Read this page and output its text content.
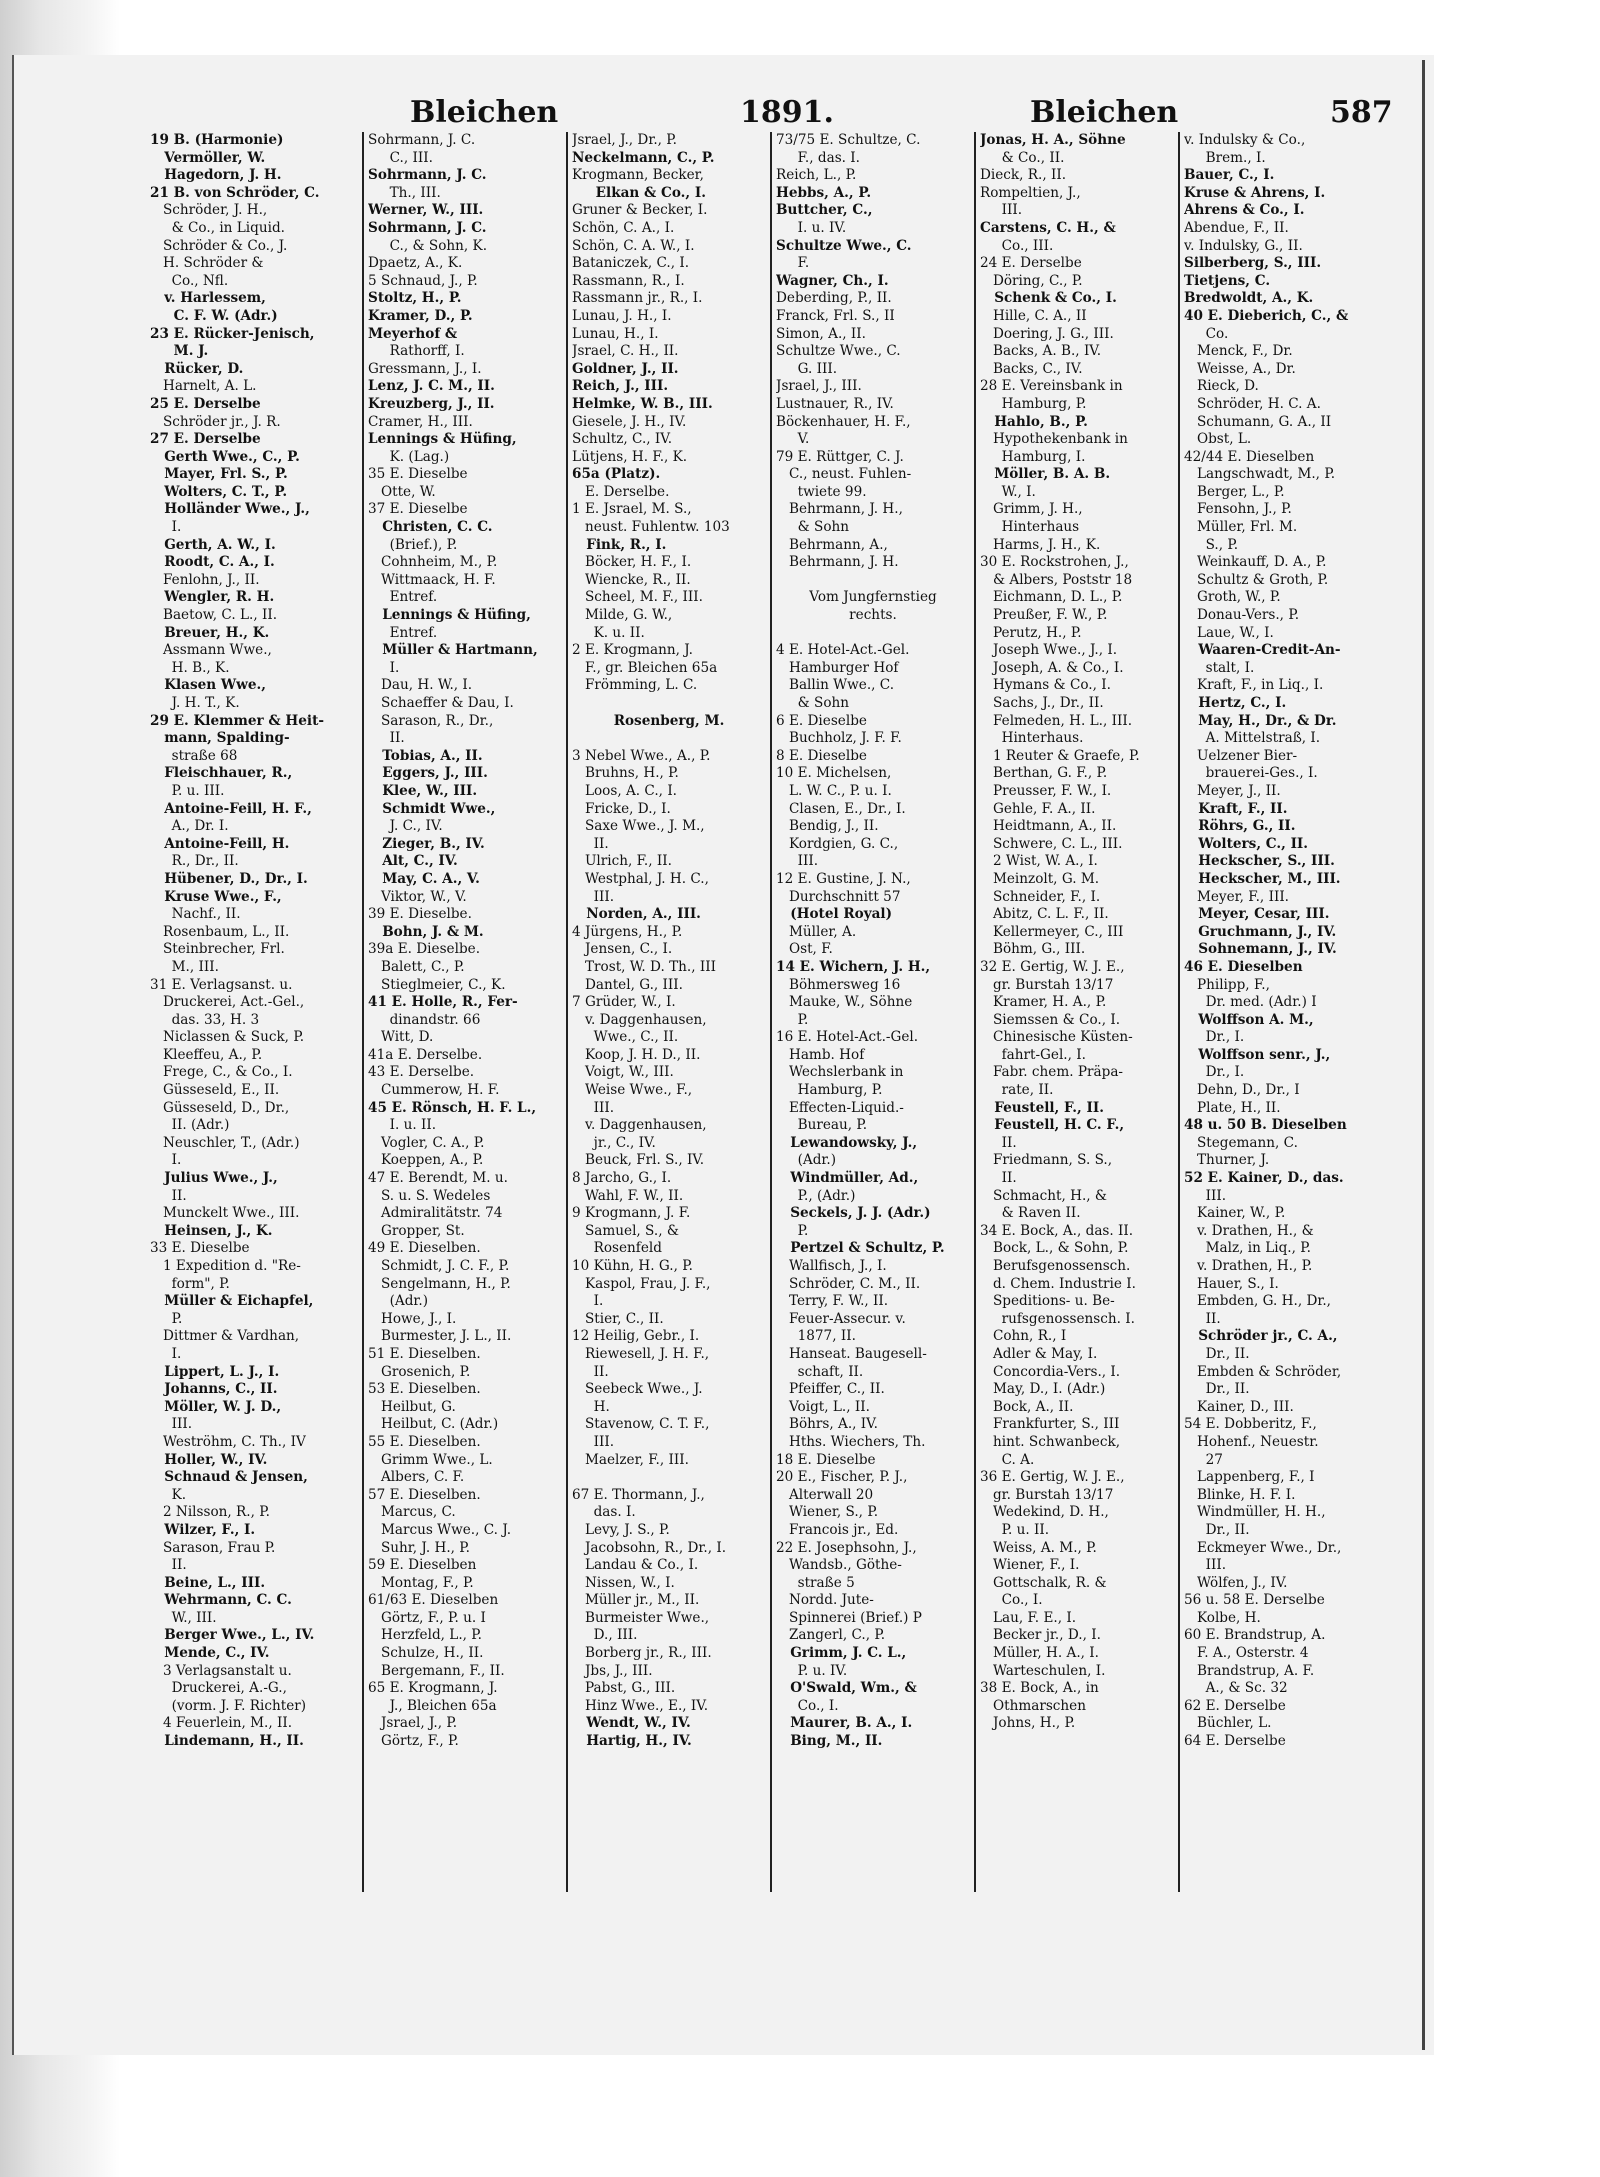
Bleichen	1891.	Bleichen	587
19 B. (Harmonie)
Vermöller, W.
Hagedorn, J. H.
21 B. von Schröder, C.
Schröder, J. H.,
& Co., in Liquid.
Schröder & Co., J.
H. Schröder &
Co., Nfl.
v. Harlessem,
C. F. W. (Adr.)
23 E. Rücker-Jenisch,
M. J.
Rücker, D.
Harnelt, A. L.
25 E. Derselbe
Schröder jr., J. R.
27 E. Derselbe
Gerth Wwe., C., P.
Mayer, Frl. S., P.
Wolters, C. T., P.
Holländer Wwe., J.,
I.
Gerth, A. W., I.
Roodt, C. A., I.
Fenlohn, J., II.
Wengler, R. H.
Baetow, C. L., II.
Breuer, H., K.
Assmann Wwe.,
H. B., K.
Klasen Wwe.,
J. H. T., K.
29 E. Klemmer & Heit-
mann, Spalding-
straße 68
Fleischhauer, R.,
P. u. III.
Antoine-Feill, H. F.,
A., Dr. I.
Antoine-Feill, H.
R., Dr., II.
Hübener, D., Dr., I.
Kruse Wwe., F.,
Nachf., II.
Rosenbaum, L., II.
Steinbrecher, Frl.
M., III.
31 E. Verlagsanst. u.
Druckerei, Act.-Gel.,
das. 33, H. 3
Niclassen & Suck, P.
Kleeffeu, A., P.
Frege, C., & Co., I.
Güsseseld, E., II.
Güsseseld, D., Dr.,
II. (Adr.)
Neuschler, T., (Adr.)
I.
Julius Wwe., J.,
II.
Munckelt Wwe., III.
Heinsen, J., K.
33 E. Dieselbe
1 Expedition d. "Re-
form", P.
Müller & Eichapfel,
P.
Dittmer & Vardhan,
I.
Lippert, L. J., I.
Johanns, C., II.
Möller, W. J. D.,
III.
Weströhm, C. Th., IV
Holler, W., IV.
Schnaud & Jensen,
K.
2 Nilsson, R., P.
Wilzer, F., I.
Sarason, Frau P.
II.
Beine, L., III.
Wehrmann, C. C.
W., III.
Berger Wwe., L., IV.
Mende, C., IV.
3 Verlagsanstalt u.
Druckerei, A.-G.,
(vorm. J. F. Richter)
4 Feuerlein, M., II.
Lindemann, H., II.
Sohrmann, J. C.
C., III.
Sohrmann, J. C.
Th., III.
Werner, W., III.
Sohrmann, J. C.
C., & Sohn, K.
Dpaetz, A., K.
5 Schnaud, J., P.
Stoltz, H., P.
Kramer, D., P.
Meyerhof &
Rathorff, I.
Gressmann, J., I.
Lenz, J. C. M., II.
Kreuzberg, J., II.
Cramer, H., III.
Lennings & Hüfing,
K. (Lag.)
35 E. Dieselbe
Otte, W.
37 E. Dieselbe
Christen, C. C.
(Brief.), P.
Cohnheim, M., P.
Wittmaack, H. F.
Entref.
Lennings & Hüfing,
Entref.
Müller & Hartmann,
I.
Dau, H. W., I.
Schaeffer & Dau, I.
Sarason, R., Dr.,
II.
Tobias, A., II.
Eggers, J., III.
Klee, W., III.
Schmidt Wwe.,
J. C., IV.
Zieger, B., IV.
Alt, C., IV.
May, C. A., V.
Viktor, W., V.
39 E. Dieselbe.
Bohn, J. & M.
39a E. Dieselbe.
Balett, C., P.
Stieglmeier, C., K.
41 E. Holle, R., Fer-
dinandstr. 66
Witt, D.
41a E. Derselbe.
43 E. Derselbe.
Cummerow, H. F.
45 E. Rönsch, H. F. L.,
I. u. II.
Vogler, C. A., P.
Koeppen, A., P.
47 E. Berendt, M. u.
S. u. S. Wedeles
Admiralitätstr. 74
Gropper, St.
49 E. Dieselben.
Schmidt, J. C. F., P.
Sengelmann, H., P.
(Adr.)
Howe, J., I.
Burmester, J. L., II.
51 E. Dieselben.
Grosenich, P.
53 E. Dieselben.
Heilbut, G.
Heilbut, C. (Adr.)
55 E. Dieselben.
Grimm Wwe., L.
Albers, C. F.
57 E. Dieselben.
Marcus, C.
Marcus Wwe., C. J.
Suhr, J. H., P.
59 E. Dieselben
Montag, F., P.
61/63 E. Dieselben
Görtz, F., P. u. I
Herzfeld, L., P.
Schulze, H., II.
Bergemann, F., II.
65 E. Krogmann, J.
J., Bleichen 65a
Jsrael, J., P.
Görtz, F., P.
Jsrael, J., Dr., P.
Neckelmann, C., P.
Krogmann, Becker,
Elkan & Co., I.
Gruner & Becker, I.
Schön, C. A., I.
Schön, C. A. W., I.
Bataniczek, C., I.
Rassmann, R., I.
Rassmann jr., R., I.
Lunau, J. H., I.
Lunau, H., I.
Jsrael, C. H., II.
Goldner, J., II.
Reich, J., III.
Helmke, W. B., III.
Giesele, J. H., IV.
Schultz, C., IV.
Lütjens, H. F., K.
65a (Platz).
E. Derselbe.
1 E. Jsrael, M. S.,
neust. Fuhlentw. 103
Fink, R., I.
Böcker, H. F., I.
Wiencke, R., II.
Scheel, M. F., III.
Milde, G. W.,
K. u. II.
2 E. Krogmann, J.
F., gr. Bleichen 65a
Frömming, L. C.

Rosenberg, M.

3 Nebel Wwe., A., P.
Bruhns, H., P.
Loos, A. C., I.
Fricke, D., I.
Saxe Wwe., J. M.,
II.
Ulrich, F., II.
Westphal, J. H. C.,
III.
Norden, A., III.
4 Jürgens, H., P.
Jensen, C., I.
Trost, W. D. Th., III
Dantel, G., III.
7 Grüder, W., I.
v. Daggenhausen,
Wwe., C., II.
Koop, J. H. D., II.
Voigt, W., III.
Weise Wwe., F.,
III.
v. Daggenhausen,
jr., C., IV.
Beuck, Frl. S., IV.
8 Jarcho, G., I.
Wahl, F. W., II.
9 Krogmann, J. F.
Samuel, S., &
Rosenfeld
10 Kühn, H. G., P.
Kaspol, Frau, J. F.,
I.
Stier, C., II.
12 Heilig, Gebr., I.
Riewesell, J. H. F.,
II.
Seebeck Wwe., J.
H.
Stavenow, C. T. F.,
III.
Maelzer, F., III.

67 E. Thormann, J.,
das. I.
Levy, J. S., P.
Jacobsohn, R., Dr., I.
Landau & Co., I.
Nissen, W., I.
Müller jr., M., II.
Burmeister Wwe.,
D., III.
Borberg jr., R., III.
Jbs, J., III.
Pabst, G., III.
Hinz Wwe., E., IV.
Wendt, W., IV.
Hartig, H., IV.
73/75 E. Schultze, C.
F., das. I.
Reich, L., P.
Hebbs, A., P.
Buttcher, C.,
I. u. IV.
Schultze Wwe., C.
F.
Wagner, Ch., I.
Deberding, P., II.
Franck, Frl. S., II
Simon, A., II.
Schultze Wwe., C.
G. III.
Jsrael, J., III.
Lustnauer, R., IV.
Böckenhauer, H. F.,
V.
79 E. Rüttger, C. J.
C., neust. Fuhlen-
twiete 99.
Behrmann, J. H.,
& Sohn
Behrmann, A.,
Behrmann, J. H.

Vom Jungfernstieg
rechts.

4 E. Hotel-Act.-Gel.
Hamburger Hof
Ballin Wwe., C.
& Sohn
6 E. Dieselbe
Buchholz, J. F. F.
8 E. Dieselbe
10 E. Michelsen,
L. W. C., P. u. I.
Clasen, E., Dr., I.
Bendig, J., II.
Kordgien, G. C.,
III.
12 E. Gustine, J. N.,
Durchschnitt 57
(Hotel Royal)
Müller, A.
Ost, F.
14 E. Wichern, J. H.,
Böhmersweg 16
Mauke, W., Söhne
P.
16 E. Hotel-Act.-Gel.
Hamb. Hof
Wechslerbank in
Hamburg, P.
Effecten-Liquid.-
Bureau, P.
Lewandowsky, J.,
(Adr.)
Windmüller, Ad.,
P., (Adr.)
Seckels, J. J. (Adr.)
P.
Pertzel & Schultz, P.
Wallfisch, J., I.
Schröder, C. M., II.
Terry, F. W., II.
Feuer-Assecur. v.
1877, II.
Hanseat. Baugesell-
schaft, II.
Pfeiffer, C., II.
Voigt, L., II.
Böhrs, A., IV.
Hths. Wiechers, Th.
18 E. Dieselbe
20 E., Fischer, P. J.,
Alterwall 20
Wiener, S., P.
Francois jr., Ed.
22 E. Josephsohn, J.,
Wandsb., Göthe-
straße 5
Nordd. Jute-
Spinnerei (Brief.) P
Zangerl, C., P.
Grimm, J. C. L.,
P. u. IV.
O'Swald, Wm., &
Co., I.
Maurer, B. A., I.
Bing, M., II.
Jonas, H. A., Söhne
& Co., II.
Dieck, R., II.
Rompeltien, J.,
III.
Carstens, C. H., &
Co., III.
24 E. Derselbe
Döring, C., P.
Schenk & Co., I.
Hille, C. A., II
Doering, J. G., III.
Backs, A. B., IV.
Backs, C., IV.
28 E. Vereinsbank in
Hamburg, P.
Hahlo, B., P.
Hypothekenbank in
Hamburg, I.
Möller, B. A. B.
W., I.
Grimm, J. H.,
Hinterhaus
Harms, J. H., K.
30 E. Rockstrohen, J.,
& Albers, Poststr 18
Eichmann, D. L., P.
Preußer, F. W., P.
Perutz, H., P.
Joseph Wwe., J., I.
Joseph, A. & Co., I.
Hymans & Co., I.
Sachs, J., Dr., II.
Felmeden, H. L., III.
Hinterhaus.
1 Reuter & Graefe, P.
Berthan, G. F., P.
Preusser, F. W., I.
Gehle, F. A., II.
Heidtmann, A., II.
Schwere, C. L., III.
2 Wist, W. A., I.
Meinzolt, G. M.
Schneider, F., I.
Abitz, C. L. F., II.
Kellermeyer, C., III
Böhm, G., III.
32 E. Gertig, W. J. E.,
gr. Burstah 13/17
Kramer, H. A., P.
Siemssen & Co., I.
Chinesische Küsten-
fahrt-Gel., I.
Fabr. chem. Präpa-
rate, II.
Feustell, F., II.
Feustell, H. C. F.,
II.
Friedmann, S. S.,
II.
Schmacht, H., &
& Raven II.
34 E. Bock, A., das. II.
Bock, L., & Sohn, P.
Berufsgenossensch.
d. Chem. Industrie I.
Speditions- u. Be-
rufsgenossensch. I.
Cohn, R., I
Adler & May, I.
Concordia-Vers., I.
May, D., I. (Adr.)
Bock, A., II.
Frankfurter, S., III
hint. Schwanbeck,
C. A.
36 E. Gertig, W. J. E.,
gr. Burstah 13/17
Wedekind, D. H.,
P. u. II.
Weiss, A. M., P.
Wiener, F., I.
Gottschalk, R. &
Co., I.
Lau, F. E., I.
Becker jr., D., I.
Müller, H. A., I.
Warteschulen, I.
38 E. Bock, A., in
Othmarschen
Johns, H., P.
v. Indulsky & Co.,
Brem., I.
Bauer, C., I.
Kruse & Ahrens, I.
Ahrens & Co., I.
Abendue, F., II.
v. Indulsky, G., II.
Silberberg, S., III.
Tietjens, C.
Bredwoldt, A., K.
40 E. Dieberich, C., &
Co.
Menck, F., Dr.
Weisse, A., Dr.
Rieck, D.
Schröder, H. C. A.
Schumann, G. A., II
Obst, L.
42/44 E. Dieselben
Langschwadt, M., P.
Berger, L., P.
Fensohn, J., P.
Müller, Frl. M.
S., P.
Weinkauff, D. A., P.
Schultz & Groth, P.
Groth, W., P.
Donau-Vers., P.
Laue, W., I.
Waaren-Credit-An-
stalt, I.
Kraft, F., in Liq., I.
Hertz, C., I.
May, H., Dr., & Dr.
A. Mittelstraß, I.
Uelzener Bier-
brauerei-Ges., I.
Meyer, J., II.
Kraft, F., II.
Röhrs, G., II.
Wolters, C., II.
Heckscher, S., III.
Heckscher, M., III.
Meyer, F., III.
Meyer, Cesar, III.
Gruchmann, J., IV.
Sohnemann, J., IV.
46 E. Dieselben
Philipp, F.,
Dr. med. (Adr.) I
Wolffson A. M.,
Dr., I.
Wolffson senr., J.,
Dr., I.
Dehn, D., Dr., I
Plate, H., II.
48 u. 50 B. Dieselben
Stegemann, C.
Thurner, J.
52 E. Kainer, D., das.
III.
Kainer, W., P.
v. Drathen, H., &
Malz, in Liq., P.
v. Drathen, H., P.
Hauer, S., I.
Embden, G. H., Dr.,
II.
Schröder jr., C. A.,
Dr., II.
Embden & Schröder,
Dr., II.
Kainer, D., III.
54 E. Dobberitz, F.,
Hohenf., Neuestr.
27
Lappenberg, F., I
Blinke, H. F. I.
Windmüller, H. H.,
Dr., II.
Eckmeyer Wwe., Dr.,
III.
Wölfen, J., IV.
56 u. 58 E. Derselbe
Kolbe, H.
60 E. Brandstrup, A.
F. A., Osterstr. 4
Brandstrup, A. F.
A., & Sc. 32
62 E. Derselbe
Büchler, L.
64 E. Derselbe
